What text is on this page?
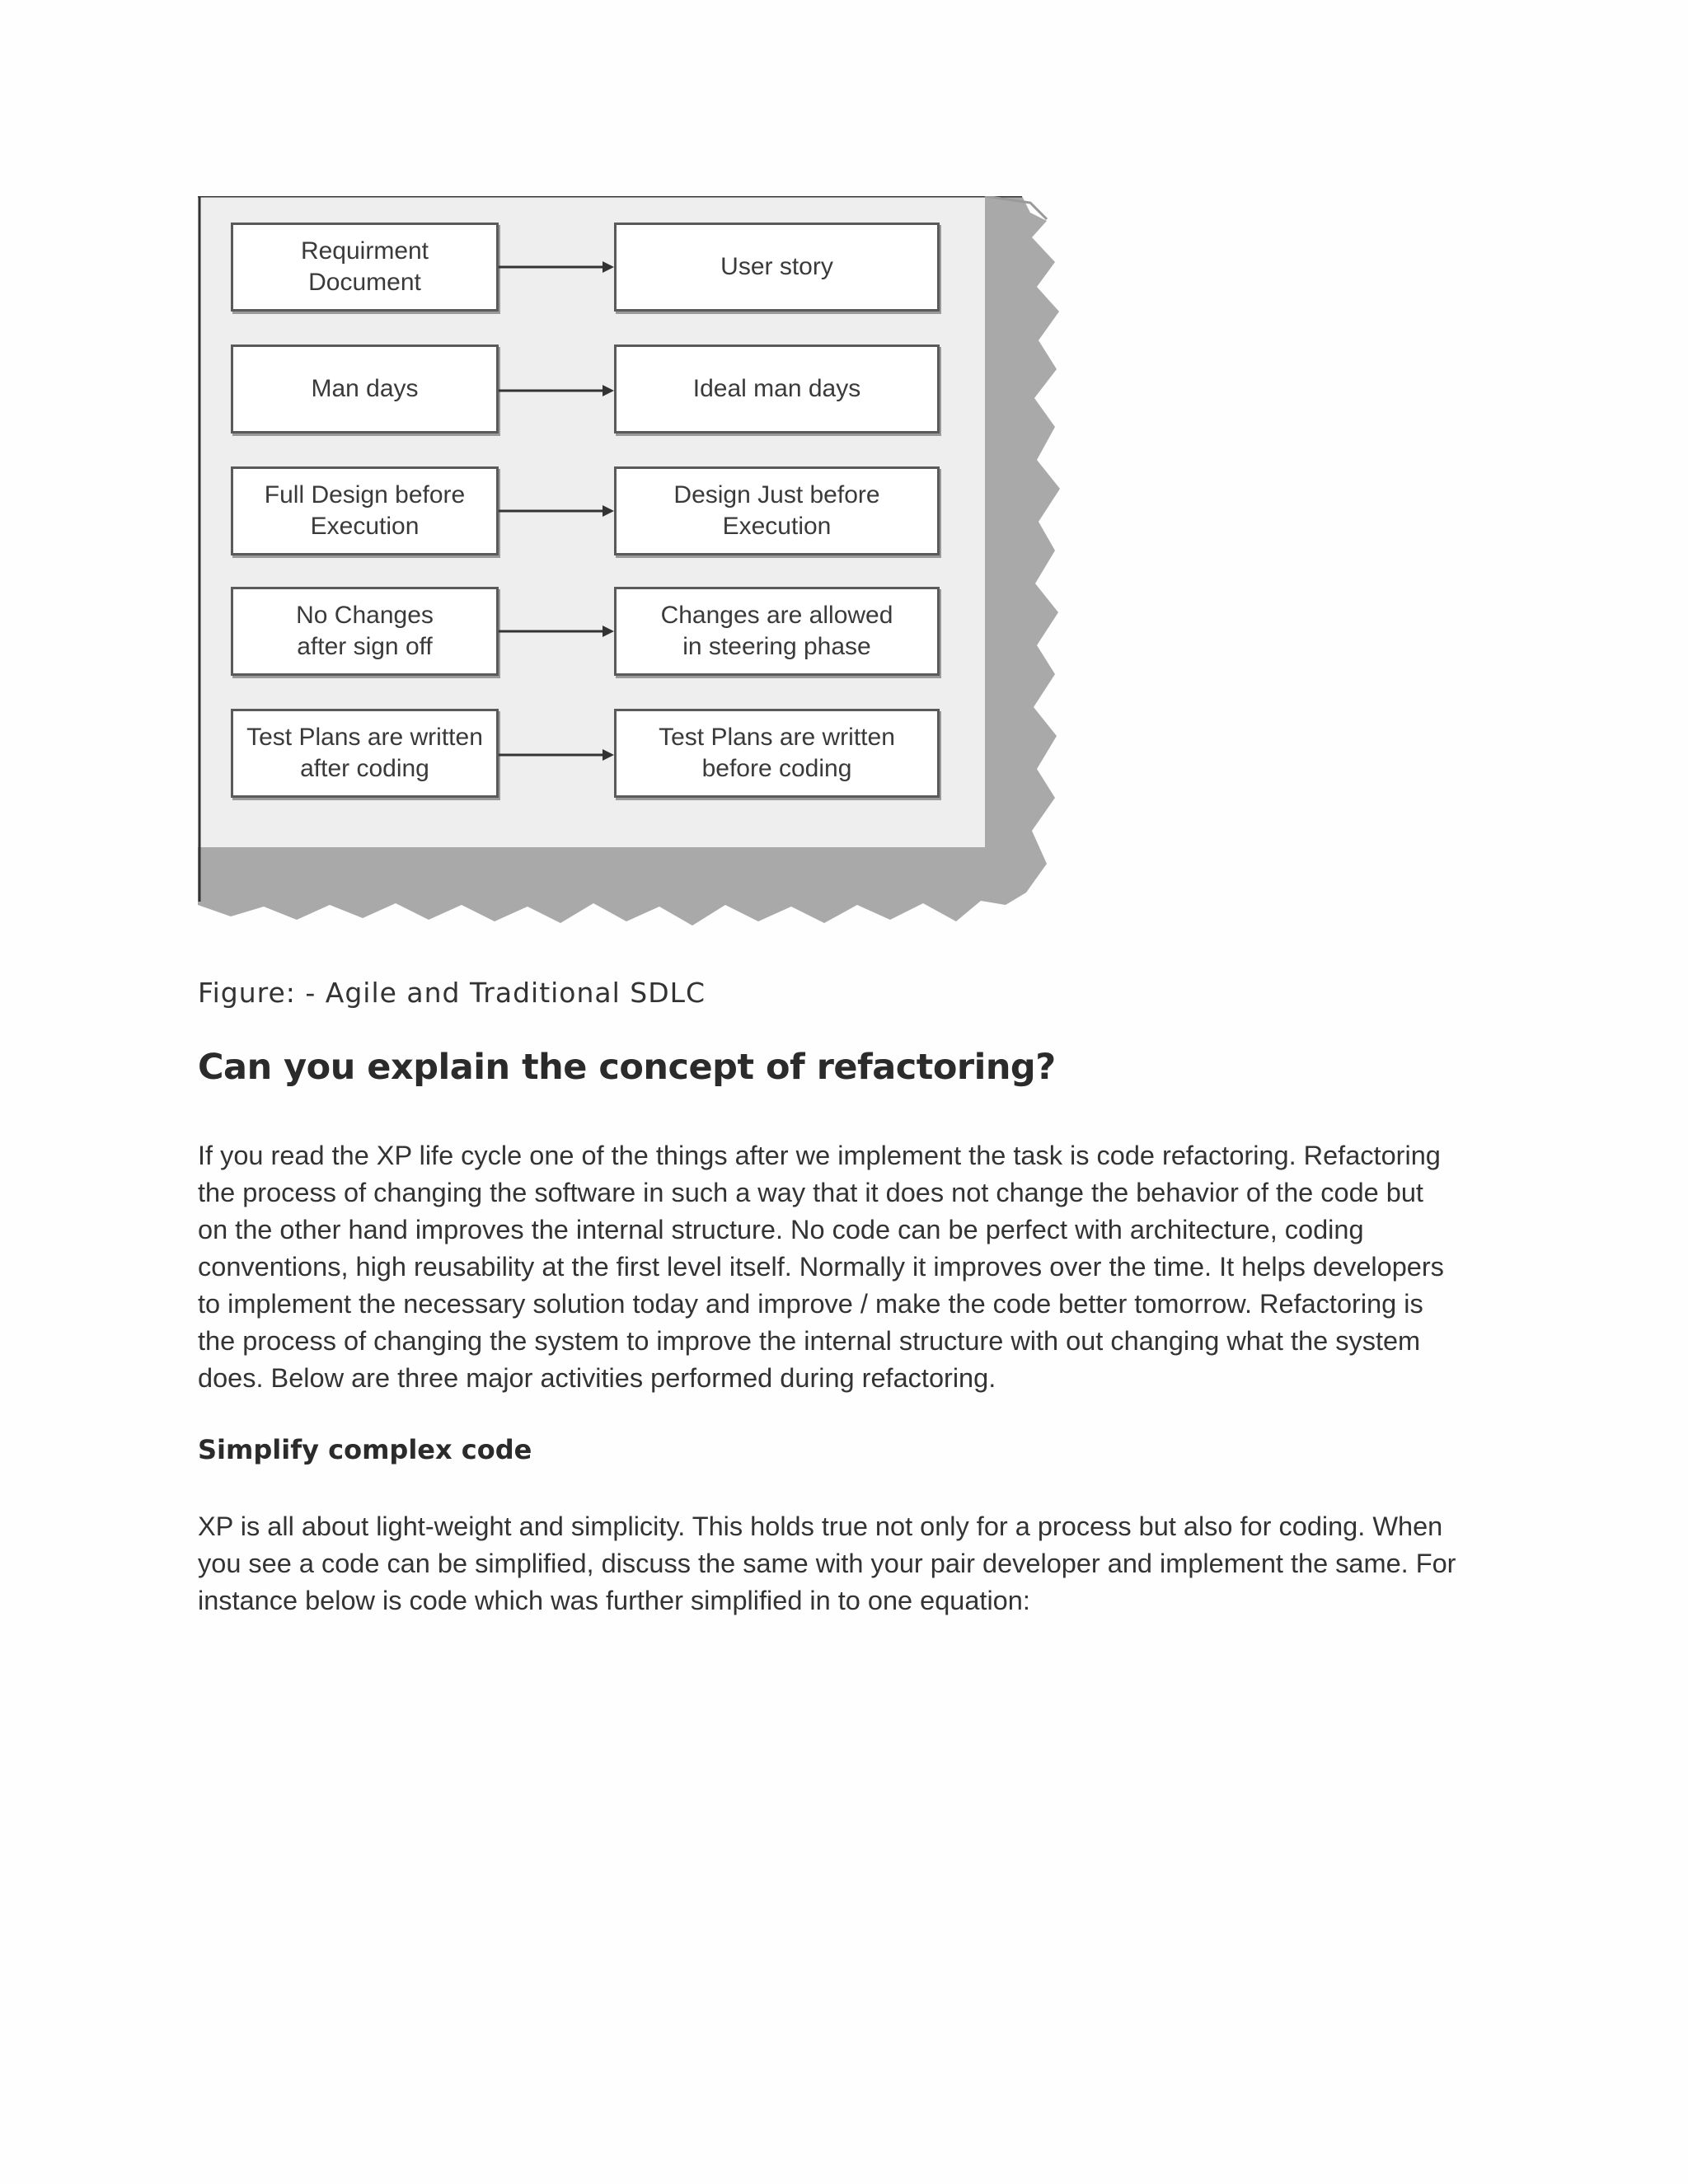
Requirment
Document
User story
Man days	Ideal man days
Full Design before
Execution
Design Just before
Execution
No Changes
after sign off
Changes are allowed
in steering phase
Test Plans are written
after coding
Test Plans are written
before coding
Figure: - Agile and Traditional SDLC
Can you explain the concept of refactoring?
If you read the XP life cycle one of the things after we implement the task is code refactoring. Refactoring
the process of changing the software in such a way that it does not change the behavior of the code but
on the other hand improves the internal structure. No code can be perfect with architecture, coding
conventions, high reusability at the first level itself. Normally it improves over the time. It helps developers
to implement the necessary solution today and improve / make the code better tomorrow. Refactoring is
the process of changing the system to improve the internal structure with out changing what the system
does. Below are three major activities performed during refactoring.
Simplify complex code
XP is all about light-weight and simplicity. This holds true not only for a process but also for coding. When
you see a code can be simplified, discuss the same with your pair developer and implement the same. For
instance below is code which was further simplified in to one equation:
